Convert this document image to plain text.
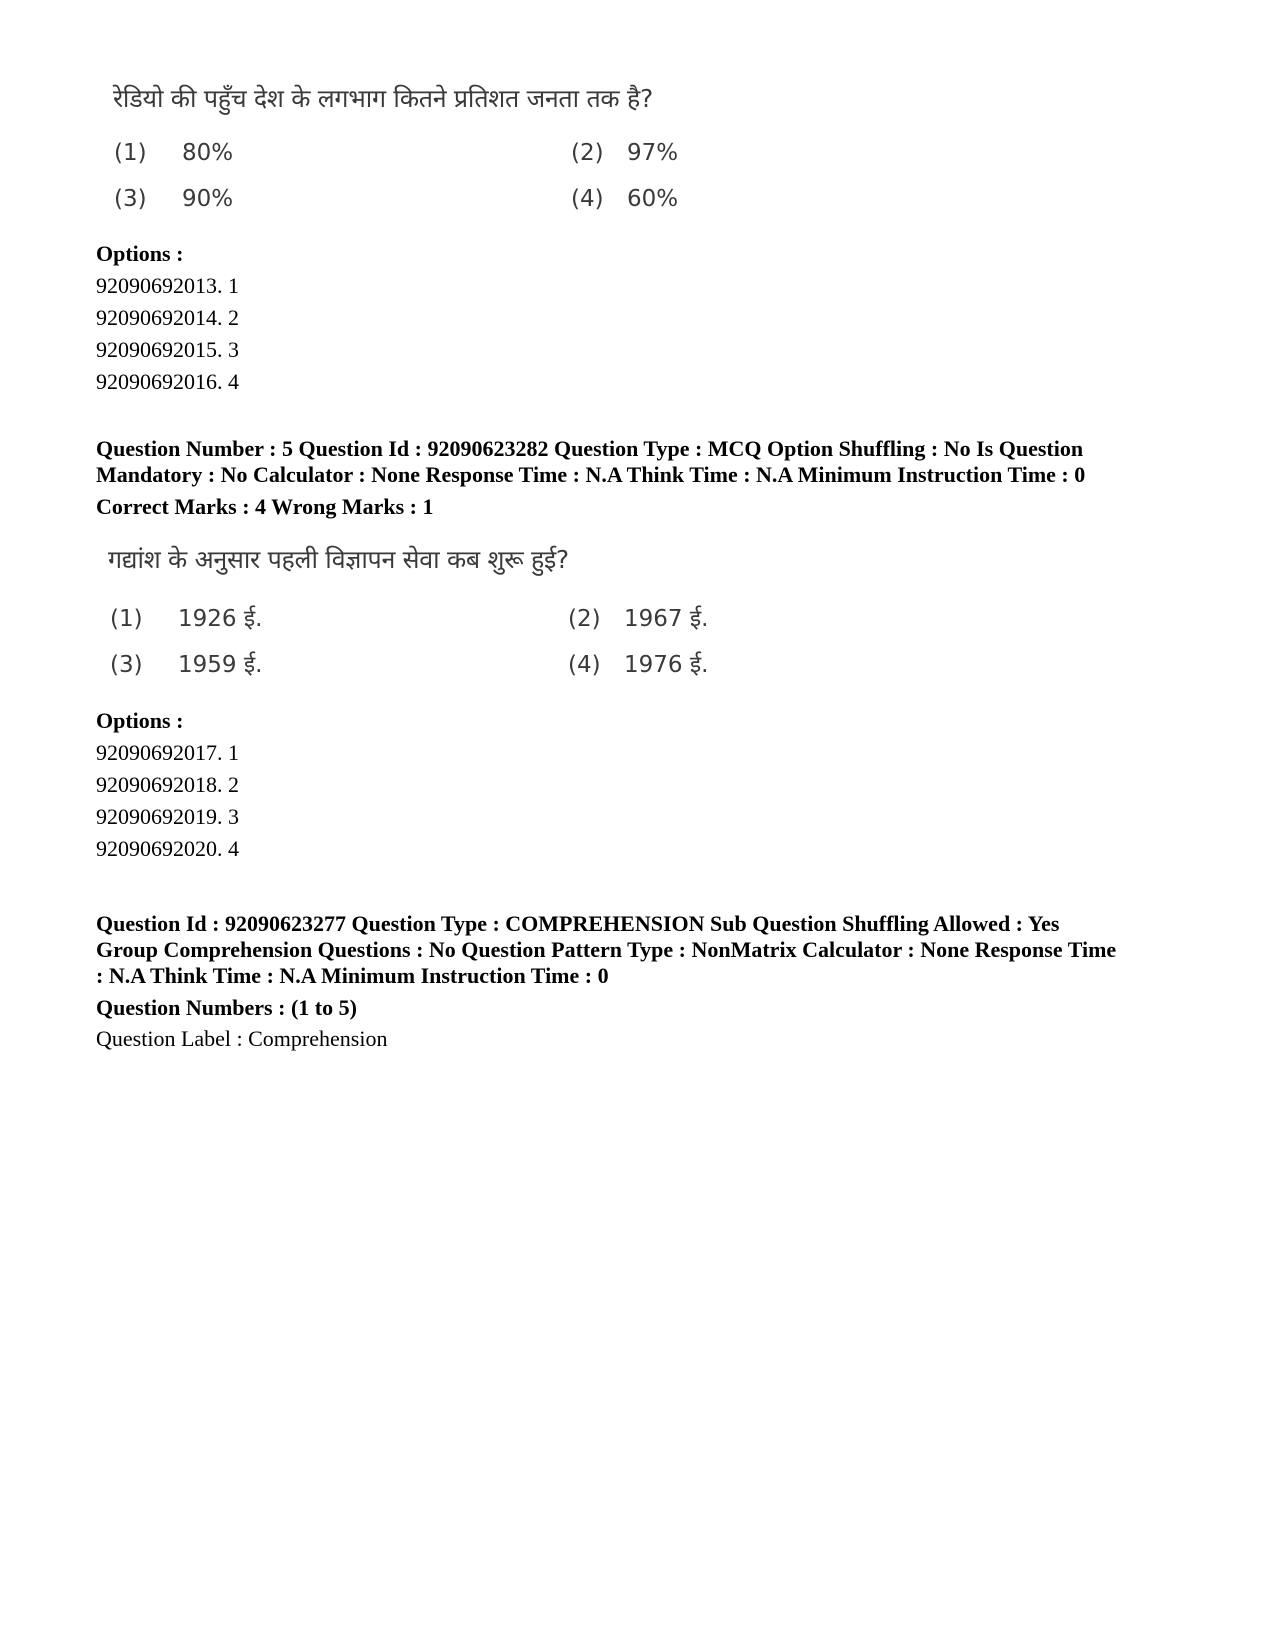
रेडियो की पहुँच देश के लगभाग कितने प्रतिशत जनता तक है?
(1) 80%	(2) 97%
(3) 90%	(4) 60%
Options :
92090692013. 1
92090692014. 2
92090692015. 3
92090692016. 4
Question Number : 5 Question Id : 92090623282 Question Type : MCQ Option Shuffling : No Is Question
Mandatory : No Calculator : None Response Time : N.A Think Time : N.A Minimum Instruction Time : 0
Correct Marks : 4 Wrong Marks : 1
गद्यांश के अनुसार पहली विज्ञापन सेवा कब शुरू हुई?
(1) 1926 ई.	(2) 1967 ई.
(3) 1959 ई.	(4) 1976 ई.
Options :
92090692017. 1
92090692018. 2
92090692019. 3
92090692020. 4
Question Id : 92090623277 Question Type : COMPREHENSION Sub Question Shuffling Allowed : Yes
Group Comprehension Questions : No Question Pattern Type : NonMatrix Calculator : None Response Time
: N.A Think Time : N.A Minimum Instruction Time : 0
Question Numbers : (1 to 5)
Question Label : Comprehension
